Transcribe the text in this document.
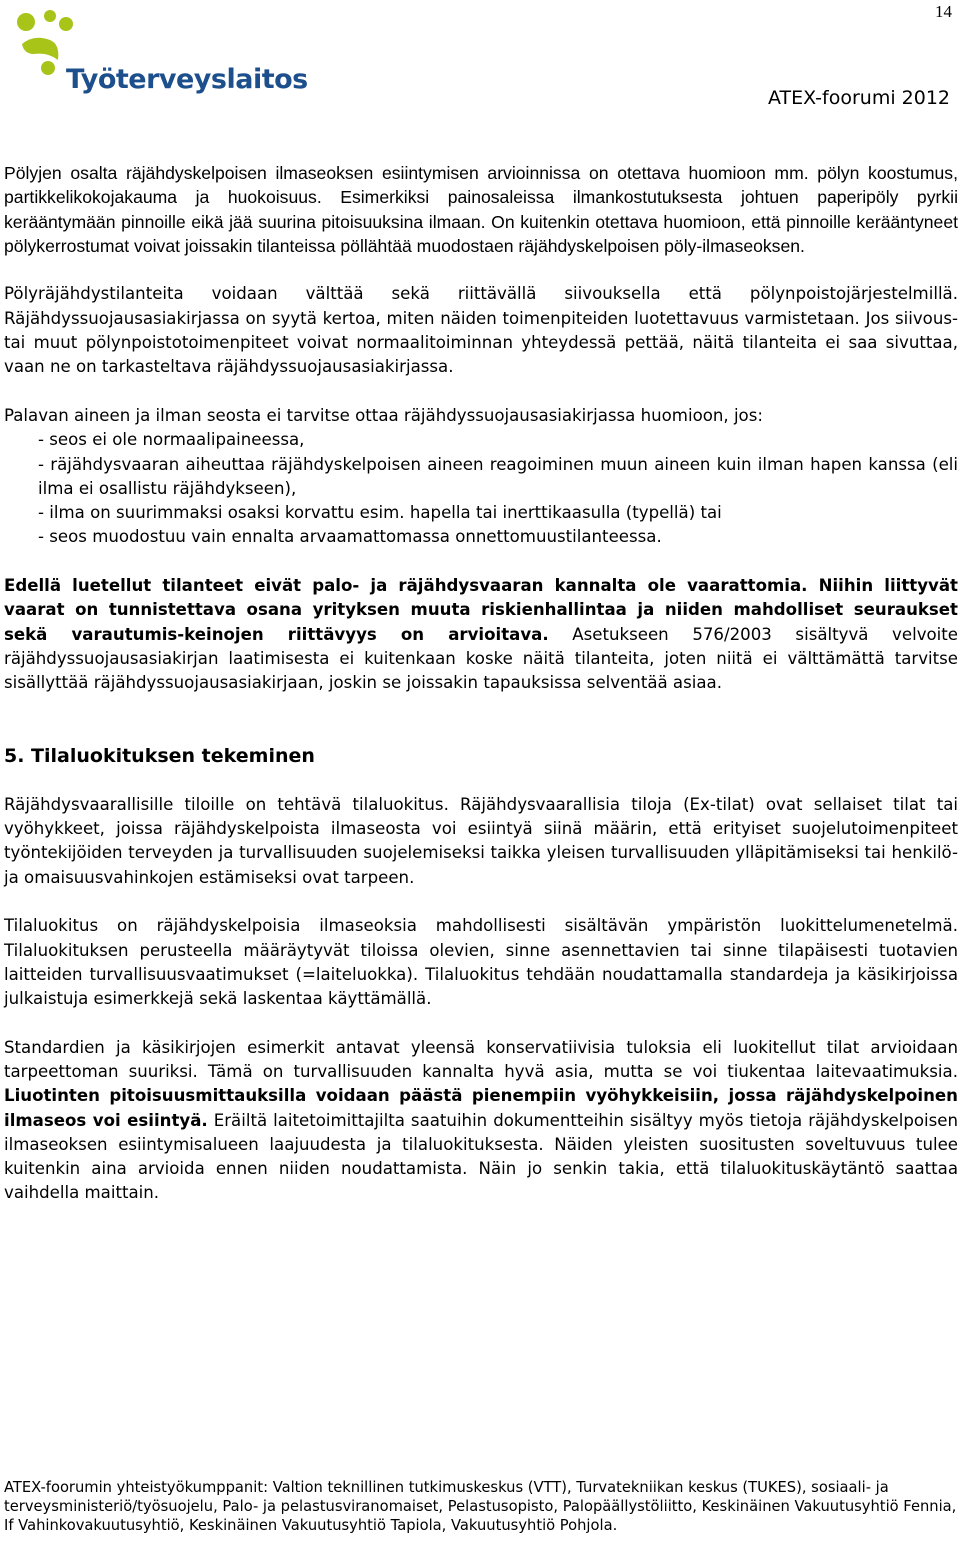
14
Työterveyslaitos
ATEX-foorumi 2012

Pölyjen osalta räjähdyskelpoisen ilmaseoksen esiintymisen arvioinnissa on otettava huomioon mm. pölyn koostumus, partikkelikokojakauma ja huokoisuus. Esimerkiksi painosaleissa ilmankostutuksesta johtuen paperipöly pyrkii kerääntymään pinnoille eikä jää suurina pitoisuuksina ilmaan. On kuitenkin otettava huomioon, että pinnoille kerääntyneet pölykerrostumat voivat joissakin tilanteissa pöllähtää muodostaen räjähdyskelpoisen pöly-ilmaseoksen.

Pölyräjähdystilanteita voidaan välttää sekä riittävällä siivouksella että pölynpoistojärjestelmillä. Räjähdyssuojausasiakirjassa on syytä kertoa, miten näiden toimenpiteiden luotettavuus varmistetaan. Jos siivous- tai muut pölynpoistotoimenpiteet voivat normaalitoiminnan yhteydessä pettää, näitä tilanteita ei saa sivuttaa, vaan ne on tarkasteltava räjähdyssuojausasiakirjassa.

Palavan aineen ja ilman seosta ei tarvitse ottaa räjähdyssuojausasiakirjassa huomioon, jos:

- seos ei ole normaalipaineessa,
- räjähdysvaaran aiheuttaa räjähdyskelpoisen aineen reagoiminen muun aineen kuin ilman hapen kanssa (eli ilma ei osallistu räjähdykseen),
- ilma on suurimmaksi osaksi korvattu esim. hapella tai inerttikaasulla (typellä) tai
- seos muodostuu vain ennalta arvaamattomassa onnettomuustilanteessa.

Edellä luetellut tilanteet eivät palo- ja räjähdysvaaran kannalta ole vaarattomia. Niihin liittyvät vaarat on tunnistettava osana yrityksen muuta riskienhallintaa ja niiden mahdolliset seuraukset sekä varautumis-keinojen riittävyys on arvioitava. Asetukseen 576/2003 sisältyvä velvoite räjähdyssuojausasiakirjan laatimisesta ei kuitenkaan koske näitä tilanteita, joten niitä ei välttämättä tarvitse sisällyttää räjähdyssuojausasiakirjaan, joskin se joissakin tapauksissa selventää asiaa.

5. Tilaluokituksen tekeminen

Räjähdysvaarallisille tiloille on tehtävä tilaluokitus. Räjähdysvaarallisia tiloja (Ex-tilat) ovat sellaiset tilat tai vyöhykkeet, joissa räjähdyskelpoista ilmaseosta voi esiintyä siinä määrin, että erityiset suojelutoimenpiteet työntekijöiden terveyden ja turvallisuuden suojelemiseksi taikka yleisen turvallisuuden ylläpitämiseksi tai henkilö- ja omaisuusvahinkojen estämiseksi ovat tarpeen.

Tilaluokitus on räjähdyskelpoisia ilmaseoksia mahdollisesti sisältävän ympäristön luokittelumenetelmä. Tilaluokituksen perusteella määräytyvät tiloissa olevien, sinne asennettavien tai sinne tilapäisesti tuotavien laitteiden turvallisuusvaatimukset (=laiteluokka). Tilaluokitus tehdään noudattamalla standardeja ja käsikirjoissa julkaistuja esimerkkejä sekä laskentaa käyttämällä.

Standardien ja käsikirjojen esimerkit antavat yleensä konservatiivisia tuloksia eli luokitellut tilat arvioidaan tarpeettoman suuriksi. Tämä on turvallisuuden kannalta hyvä asia, mutta se voi tiukentaa laitevaatimuksia. Liuotinten pitoisuusmittauksilla voidaan päästä pienempiin vyöhykkeisiin, jossa räjähdyskelpoinen ilmaseos voi esiintyä. Eräiltä laitetoimittajilta saatuihin dokumentteihin sisältyy myös tietoja räjähdyskelpoisen ilmaseoksen esiintymisalueen laajuudesta ja tilaluokituksesta. Näiden yleisten suositusten soveltuvuus tulee kuitenkin aina arvioida ennen niiden noudattamista. Näin jo senkin takia, että tilaluokituskäytäntö saattaa vaihdella maittain.

ATEX-foorumin yhteistyökumppanit: Valtion teknillinen tutkimuskeskus (VTT), Turvatekniikan keskus (TUKES), sosiaali- ja terveysministeriö/työsuojelu, Palo- ja pelastusviranomaiset, Pelastusopisto, Palopäällystöliitto, Keskinäinen Vakuutusyhtiö Fennia, If Vahinkovakuutusyhtiö, Keskinäinen Vakuutusyhtiö Tapiola, Vakuutusyhtiö Pohjola.
